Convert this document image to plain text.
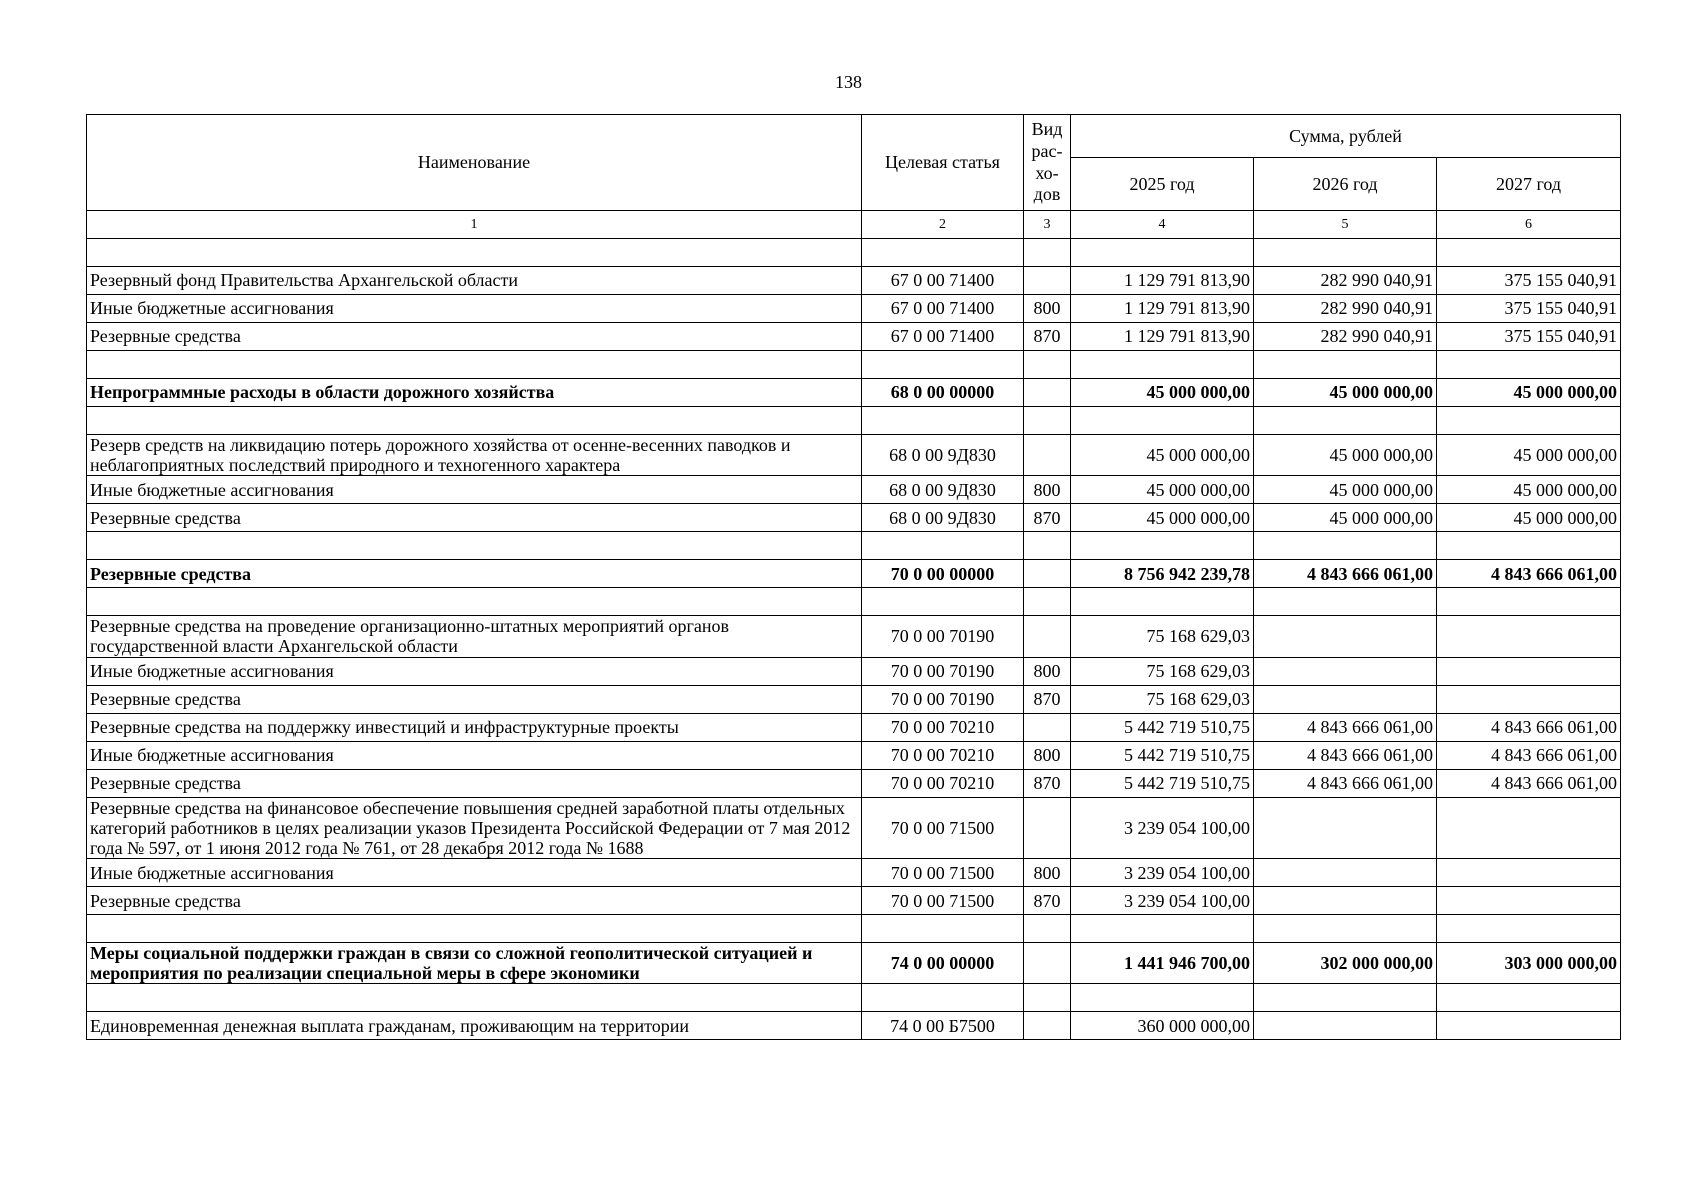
138
Наименование	Целевая статья	Вид
рас-
хо-
дов	Сумма, рублей		
			2025 год	2026 год	2027 год
1	2	3	4	5	6

Резервный фонд Правительства Архангельской области	67 0 00 71400		1 129 791 813,90	282 990 040,91	375 155 040,91
Иные бюджетные ассигнования	67 0 00 71400	800	1 129 791 813,90	282 990 040,91	375 155 040,91
Резервные средства	67 0 00 71400	870	1 129 791 813,90	282 990 040,91	375 155 040,91

Непрограммные расходы в области дорожного хозяйства	68 0 00 00000		45 000 000,00	45 000 000,00	45 000 000,00

Резерв средств на ликвидацию потерь дорожного хозяйства от осенне-весенних паводков и неблагоприятных последствий природного и техногенного характера	68 0 00 9Д830		45 000 000,00	45 000 000,00	45 000 000,00
Иные бюджетные ассигнования	68 0 00 9Д830	800	45 000 000,00	45 000 000,00	45 000 000,00
Резервные средства	68 0 00 9Д830	870	45 000 000,00	45 000 000,00	45 000 000,00

Резервные средства	70 0 00 00000		8 756 942 239,78	4 843 666 061,00	4 843 666 061,00

Резервные средства на проведение организационно-штатных мероприятий органов государственной власти Архангельской области	70 0 00 70190		75 168 629,03		
Иные бюджетные ассигнования	70 0 00 70190	800	75 168 629,03		
Резервные средства	70 0 00 70190	870	75 168 629,03		
Резервные средства на поддержку инвестиций и инфраструктурные проекты	70 0 00 70210		5 442 719 510,75	4 843 666 061,00	4 843 666 061,00
Иные бюджетные ассигнования	70 0 00 70210	800	5 442 719 510,75	4 843 666 061,00	4 843 666 061,00
Резервные средства	70 0 00 70210	870	5 442 719 510,75	4 843 666 061,00	4 843 666 061,00
Резервные средства на финансовое обеспечение повышения средней заработной платы отдельных категорий работников в целях реализации указов Президента Российской Федерации от 7 мая 2012 года № 597, от 1 июня 2012 года № 761, от 28 декабря 2012 года № 1688	70 0 00 71500		3 239 054 100,00		
Иные бюджетные ассигнования	70 0 00 71500	800	3 239 054 100,00		
Резервные средства	70 0 00 71500	870	3 239 054 100,00		

Меры социальной поддержки граждан в связи со сложной геополитической ситуацией и мероприятия по реализации специальной меры в сфере экономики	74 0 00 00000		1 441 946 700,00	302 000 000,00	303 000 000,00

Единовременная денежная выплата гражданам, проживающим на территории	74 0 00 Б7500		360 000 000,00		
